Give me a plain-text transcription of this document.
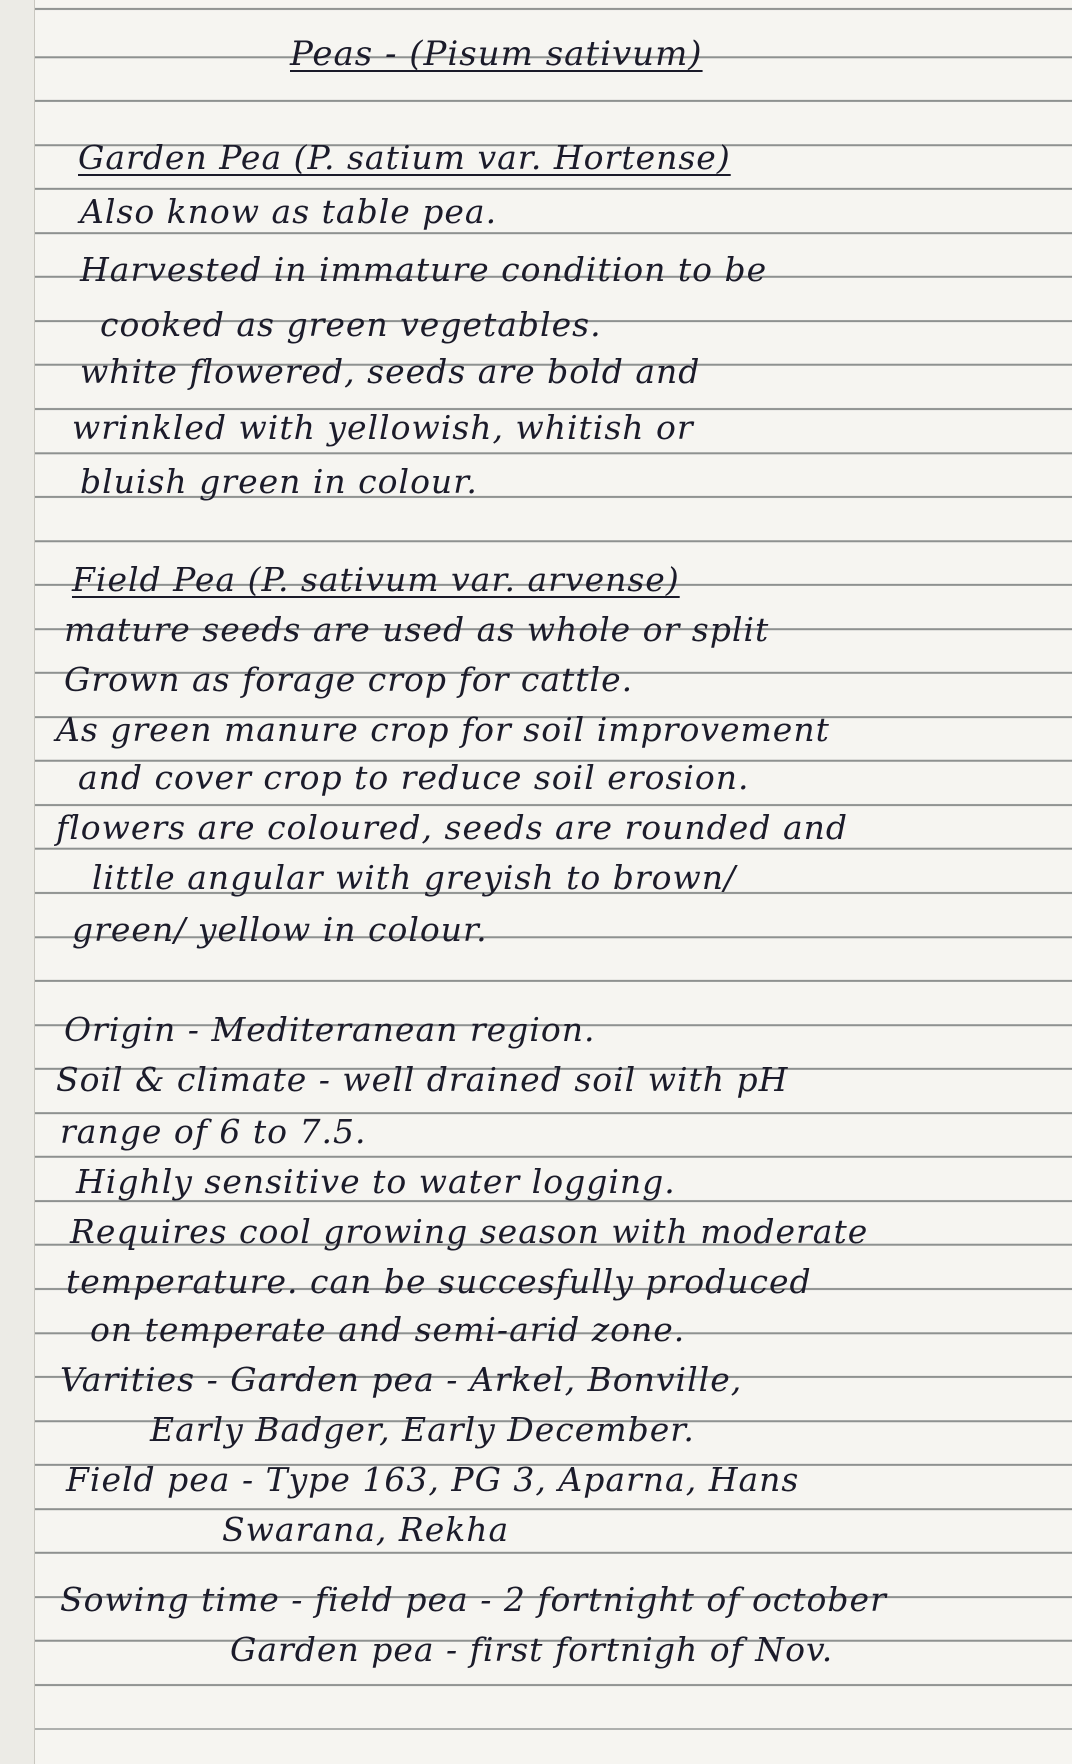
Peas - (Pisum sativum)
Garden Pea (P. satium var. Hortense)
Also know as table pea.
Harvested in immature condition to be
cooked as green vegetables.
white flowered, seeds are bold and
wrinkled with yellowish, whitish or
bluish green in colour.
Field Pea (P. sativum var. arvense)
mature seeds are used as whole or split
Grown as forage crop for cattle.
As green manure crop for soil improvement
and cover crop to reduce soil erosion.
flowers are coloured, seeds are rounded and
little angular with greyish to brown/
green/ yellow in colour.
Origin - Mediteranean region.
Soil & climate - well drained soil with pH
range of 6 to 7.5.
Highly sensitive to water logging.
Requires cool growing season with moderate
temperature. can be succesfully produced
on temperate and semi-arid zone.
Varities - Garden pea - Arkel, Bonville,
Early Badger, Early December.
Field pea - Type 163, PG 3, Aparna, Hans
Swarana, Rekha
Sowing time - field pea - 2 fortnight of october
Garden pea - first fortnigh of Nov.
